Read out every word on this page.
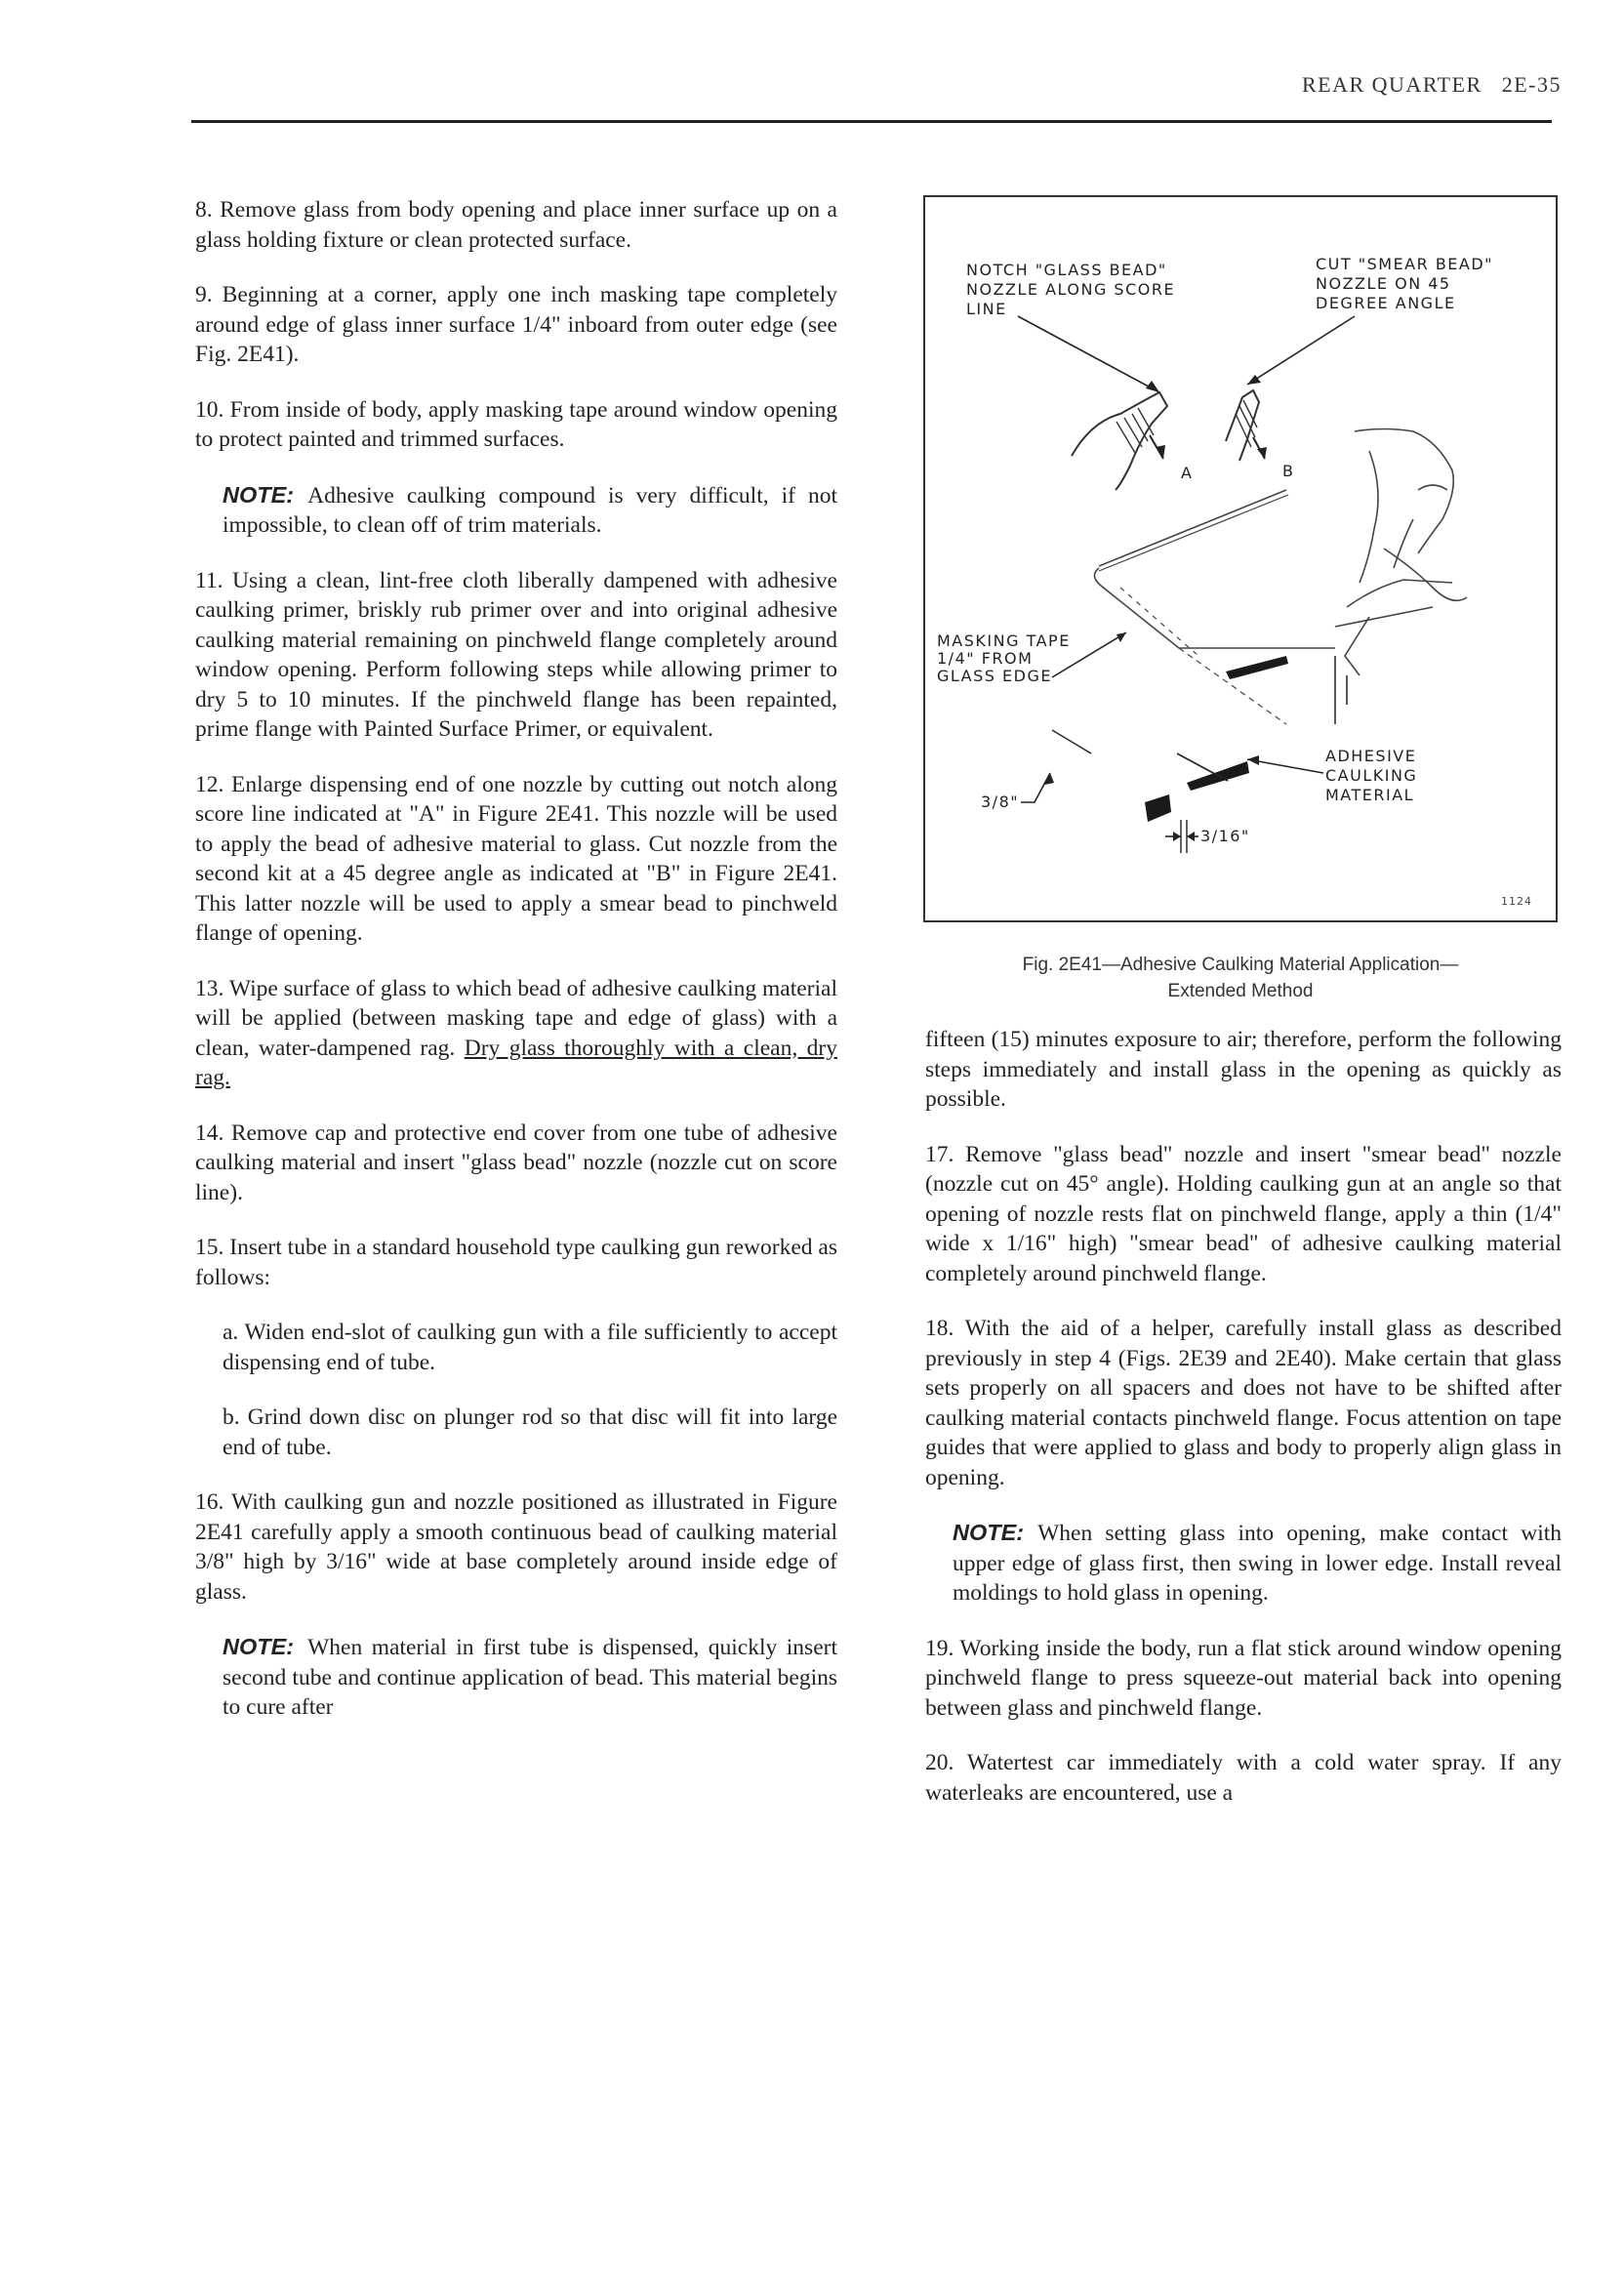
REAR QUARTER 2E-35

8. Remove glass from body opening and place inner surface up on a glass holding fixture or clean protected surface.

9. Beginning at a corner, apply one inch masking tape completely around edge of glass inner surface 1/4" inboard from outer edge (see Fig. 2E41).

10. From inside of body, apply masking tape around window opening to protect painted and trimmed surfaces.

NOTE: Adhesive caulking compound is very difficult, if not impossible, to clean off of trim materials.

11. Using a clean, lint-free cloth liberally dampened with adhesive caulking primer, briskly rub primer over and into original adhesive caulking material remaining on pinchweld flange completely around window opening. Perform following steps while allowing primer to dry 5 to 10 minutes. If the pinchweld flange has been repainted, prime flange with Painted Surface Primer, or equivalent.

12. Enlarge dispensing end of one nozzle by cutting out notch along score line indicated at "A" in Figure 2E41. This nozzle will be used to apply the bead of adhesive material to glass. Cut nozzle from the second kit at a 45 degree angle as indicated at "B" in Figure 2E41. This latter nozzle will be used to apply a smear bead to pinchweld flange of opening.

13. Wipe surface of glass to which bead of adhesive caulking material will be applied (between masking tape and edge of glass) with a clean, water-dampened rag. Dry glass thoroughly with a clean, dry rag.

14. Remove cap and protective end cover from one tube of adhesive caulking material and insert "glass bead" nozzle (nozzle cut on score line).

15. Insert tube in a standard household type caulking gun reworked as follows:

a. Widen end-slot of caulking gun with a file sufficiently to accept dispensing end of tube.

b. Grind down disc on plunger rod so that disc will fit into large end of tube.

16. With caulking gun and nozzle positioned as illustrated in Figure 2E41 carefully apply a smooth continuous bead of caulking material 3/8" high by 3/16" wide at base completely around inside edge of glass.

NOTE: When material in first tube is dispensed, quickly insert second tube and continue application of bead. This material begins to cure after

NOTCH "GLASS BEAD"
NOZZLE ALONG SCORE
LINE
CUT "SMEAR BEAD"
NOZZLE ON 45
DEGREE ANGLE
A	B
MASKING TAPE
1/4" FROM
GLASS EDGE
ADHESIVE
CAULKING
MATERIAL
3/8"
3/16"
1124
Fig. 2E41—Adhesive Caulking Material Application—
Extended Method

fifteen (15) minutes exposure to air; therefore, perform the following steps immediately and install glass in the opening as quickly as possible.

17. Remove "glass bead" nozzle and insert "smear bead" nozzle (nozzle cut on 45° angle). Holding caulking gun at an angle so that opening of nozzle rests flat on pinchweld flange, apply a thin (1/4" wide x 1/16" high) "smear bead" of adhesive caulking material completely around pinchweld flange.

18. With the aid of a helper, carefully install glass as described previously in step 4 (Figs. 2E39 and 2E40). Make certain that glass sets properly on all spacers and does not have to be shifted after caulking material contacts pinchweld flange. Focus attention on tape guides that were applied to glass and body to properly align glass in opening.

NOTE: When setting glass into opening, make contact with upper edge of glass first, then swing in lower edge. Install reveal moldings to hold glass in opening.

19. Working inside the body, run a flat stick around window opening pinchweld flange to press squeeze-out material back into opening between glass and pinchweld flange.

20. Watertest car immediately with a cold water spray. If any waterleaks are encountered, use a
